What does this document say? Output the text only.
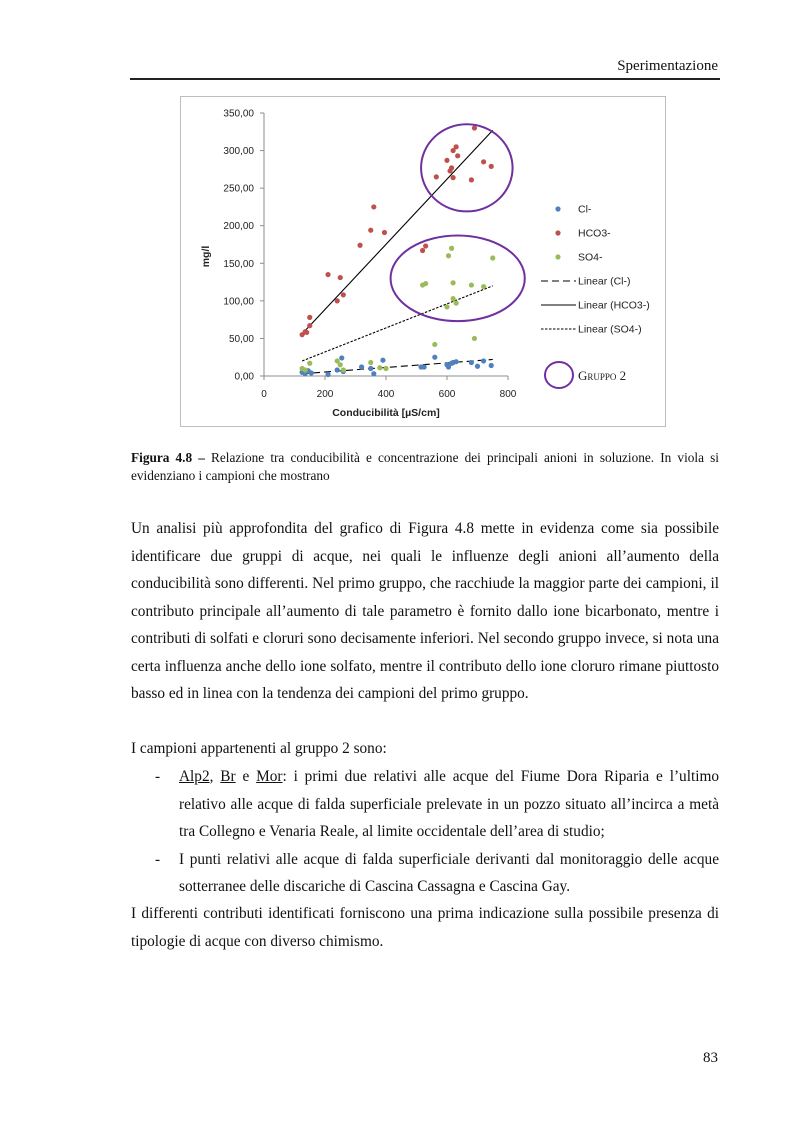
Sperimentazione
0,00
50,00
100,00
150,00
200,00
250,00
300,00
350,00
0	200	400	600	800
Conducibilità [µS/cm]
mg/l
Cl-
HCO3-
SO4-
Linear (Cl-)
Linear (HCO3-)
Linear (SO4-)
Gruppo 2
Figura 4.8 – Relazione tra conducibilità e concentrazione dei principali anioni in soluzione. In viola si evidenziano i campioni che mostrano

Un analisi più approfondita del grafico di Figura 4.8 mette in evidenza come sia possibile identificare due gruppi di acque, nei quali le influenze degli anioni all’aumento della conducibilità sono differenti. Nel primo gruppo, che racchiude la maggior parte dei campioni, il contributo principale all’aumento di tale parametro è fornito dallo ione bicarbonato, mentre i contributi di solfati e cloruri sono decisamente inferiori. Nel secondo gruppo invece, si nota una certa influenza anche dello ione solfato, mentre il contributo dello ione cloruro rimane piuttosto basso ed in linea con la tendenza dei campioni del primo gruppo.

I campioni appartenenti al gruppo 2 sono:

- Alp2, Br e Mor: i primi due relativi alle acque del Fiume Dora Riparia e l’ultimo relativo alle acque di falda superficiale prelevate in un pozzo situato all’incirca a metà tra Collegno e Venaria Reale, al limite occidentale dell’area di studio;
- I punti relativi alle acque di falda superficiale derivanti dal monitoraggio delle acque sotterranee delle discariche di Cascina Cassagna e Cascina Gay.

I differenti contributi identificati forniscono una prima indicazione sulla possibile presenza di tipologie di acque con diverso chimismo.

83
